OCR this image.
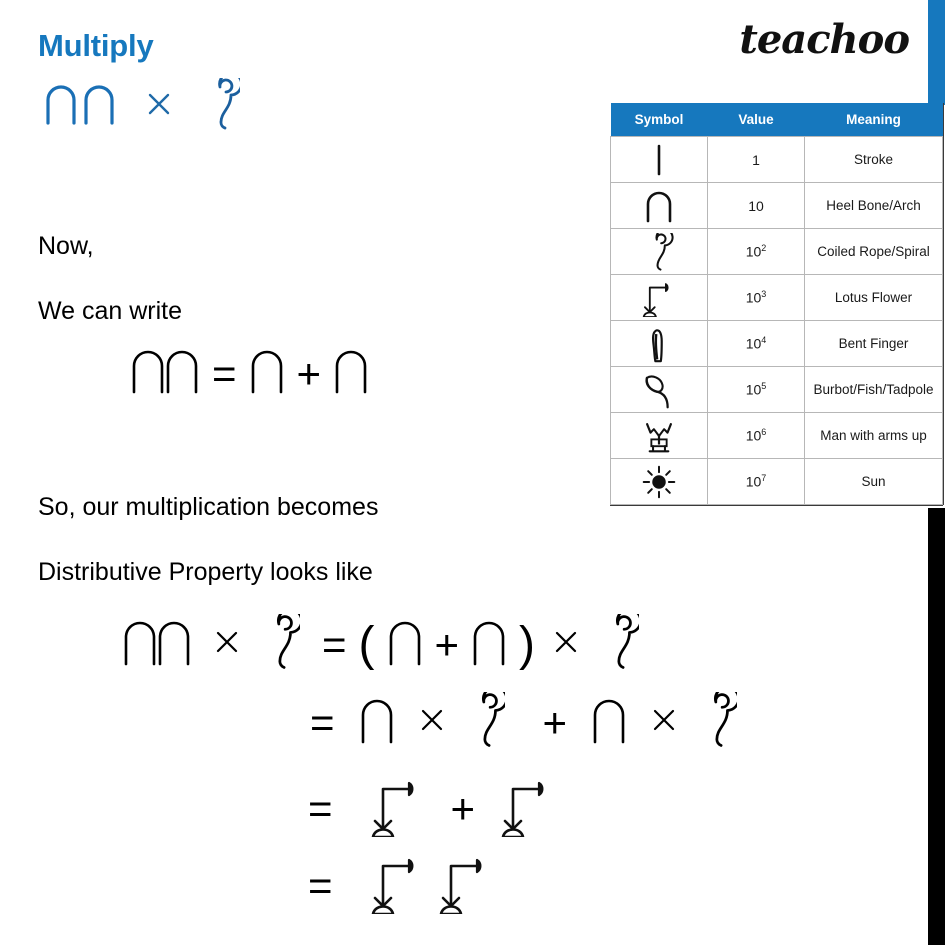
Multiply	teachoo
Now,
We can write
So, our multiplication becomes
Distributive Property looks like
= +
= ( + )
=	+
=	+
=
Symbol	Value	Meaning

	1	Stroke

	10	Heel Bone/Arch

	$10^2$	Coiled Rope/Spiral

	$10^3$	Lotus Flower

	$10^4$	Bent Finger

	$10^5$	Burbot/Fish/Tadpole

	$10^6$	Man with arms up

	$10^7$	Sun
